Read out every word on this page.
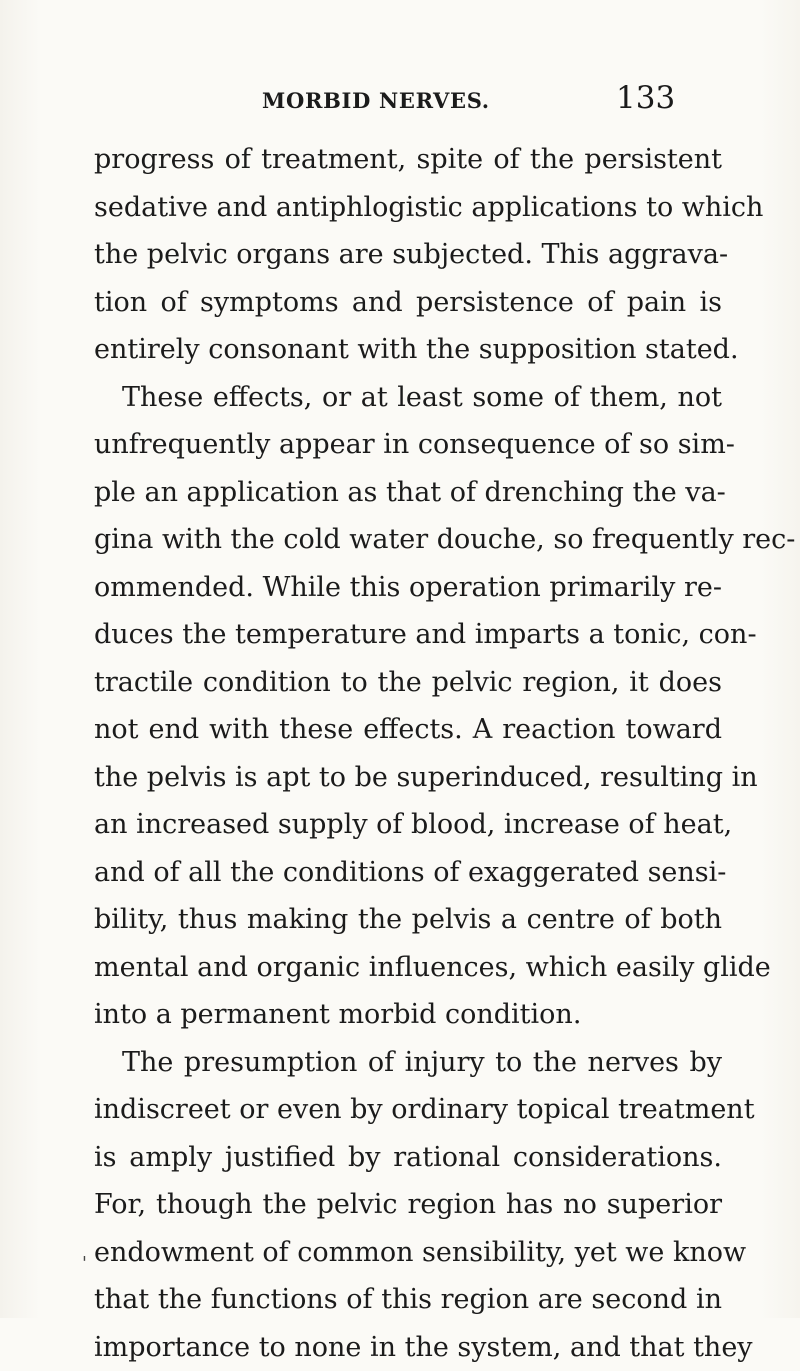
MORBID NERVES.	133
progress of treatment, spite of the persistent
sedative and antiphlogistic applications to which
the pelvic organs are subjected. This aggrava-
tion of symptoms and persistence of pain is
entirely consonant with the supposition stated.
These effects, or at least some of them, not
unfrequently appear in consequence of so sim-
ple an application as that of drenching the va-
gina with the cold water douche, so frequently rec-
ommended. While this operation primarily re-
duces the temperature and imparts a tonic, con-
tractile condition to the pelvic region, it does
not end with these effects. A reaction toward
the pelvis is apt to be superinduced, resulting in
an increased supply of blood, increase of heat,
and of all the conditions of exaggerated sensi-
bility, thus making the pelvis a centre of both
mental and organic influences, which easily glide
into a permanent morbid condition.
The presumption of injury to the nerves by
indiscreet or even by ordinary topical treatment
is amply justified by rational considerations.
For, though the pelvic region has no superior
endowment of common sensibility, yet we know
that the functions of this region are second in
importance to none in the system, and that they
'
